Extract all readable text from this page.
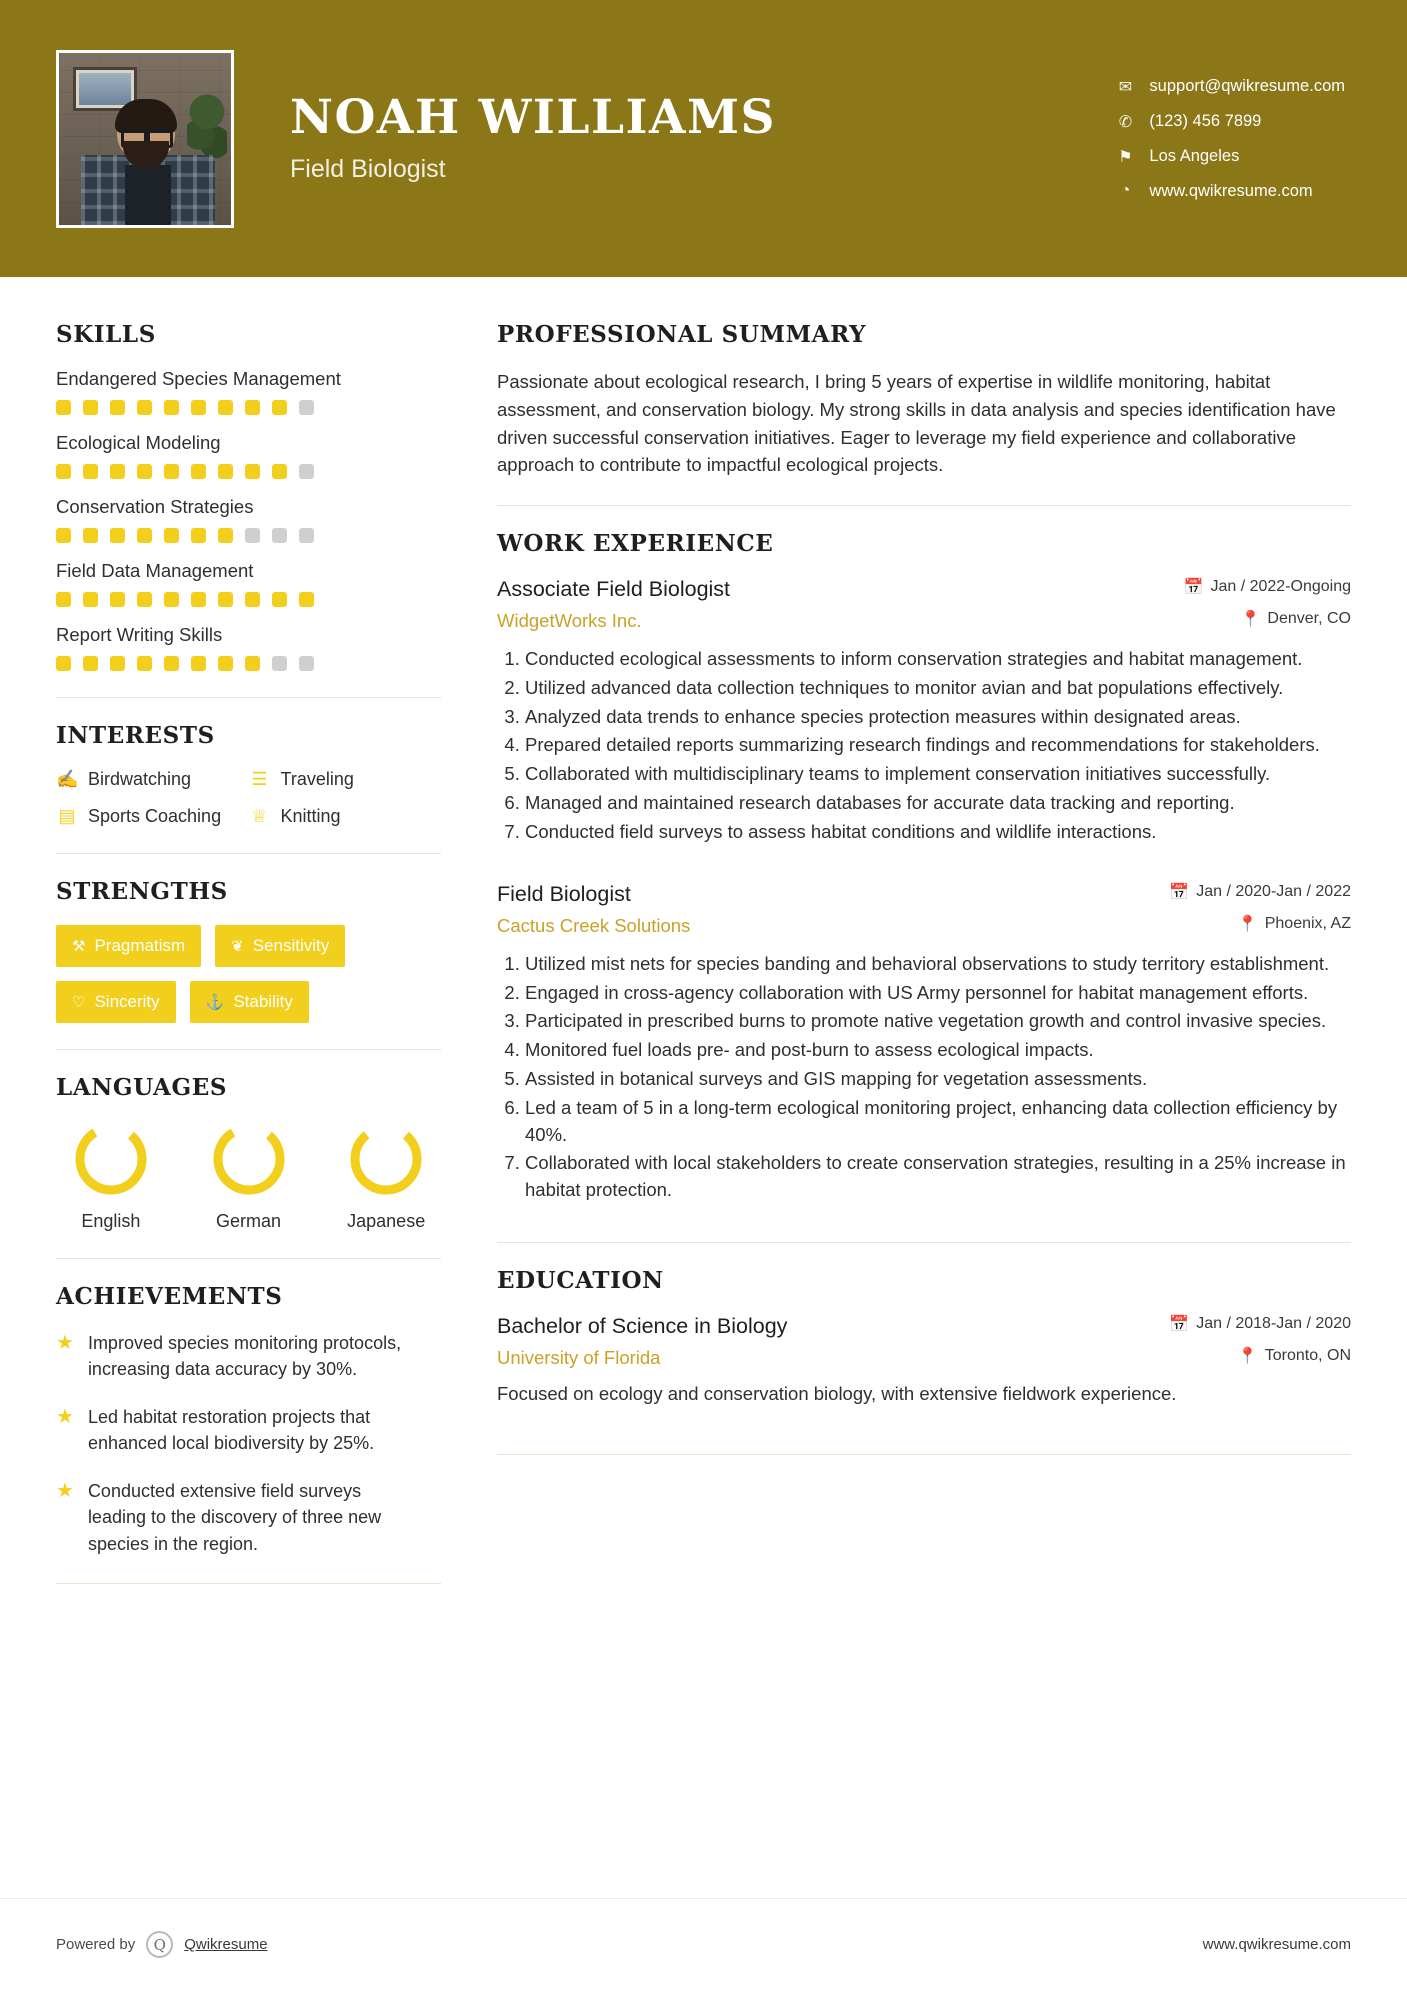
NOAH WILLIAMS
Field Biologist
✉ support@qwikresume.com
✆ (123) 456 7899
⚑ Los Angeles
◔	www.qwikresume.com
SKILLS
Endangered Species Management
Ecological Modeling
Conservation Strategies
Field Data Management
Report Writing Skills
INTERESTS
✍ Birdwatching	☰ Traveling
▤ Sports Coaching ♕ Knitting
STRENGTHS
⚒ Pragmatism	❦ Sensitivity
♡ Sincerity	⚓ Stability
LANGUAGES
English	German	Japanese
ACHIEVEMENTS
★ Improved species monitoring protocols, increasing data accuracy by 30%.
★ Led habitat restoration projects that enhanced local biodiversity by 25%.
★ Conducted extensive field surveys leading to the discovery of three new species in the region.
PROFESSIONAL SUMMARY

Passionate about ecological research, I bring 5 years of expertise in wildlife monitoring, habitat assessment, and conservation biology. My strong skills in data analysis and species identification have driven successful conservation initiatives. Eager to leverage my field experience and collaborative approach to contribute to impactful ecological projects.

WORK EXPERIENCE
Associate Field Biologist
WidgetWorks Inc.
📅 Jan / 2022-Ongoing
📍 Denver, CO
1. Conducted ecological assessments to inform conservation strategies and habitat management.
2. Utilized advanced data collection techniques to monitor avian and bat populations effectively.
3. Analyzed data trends to enhance species protection measures within designated areas.
4. Prepared detailed reports summarizing research findings and recommendations for stakeholders.
5. Collaborated with multidisciplinary teams to implement conservation initiatives successfully.
6. Managed and maintained research databases for accurate data tracking and reporting.
7. Conducted field surveys to assess habitat conditions and wildlife interactions.
Field Biologist
Cactus Creek Solutions
📅 Jan / 2020-Jan / 2022
📍 Phoenix, AZ
1. Utilized mist nets for species banding and behavioral observations to study territory establishment.
2. Engaged in cross-agency collaboration with US Army personnel for habitat management efforts.
3. Participated in prescribed burns to promote native vegetation growth and control invasive species.
4. Monitored fuel loads pre- and post-burn to assess ecological impacts.
5. Assisted in botanical surveys and GIS mapping for vegetation assessments.
6. Led a team of 5 in a long-term ecological monitoring project, enhancing data collection efficiency by 40%.
7. Collaborated with local stakeholders to create conservation strategies, resulting in a 25% increase in habitat protection.
EDUCATION
Bachelor of Science in Biology
University of Florida
📅 Jan / 2018-Jan / 2020
📍 Toronto, ON
Focused on ecology and conservation biology, with extensive fieldwork experience.
Powered by	Q	Qwikresume	www.qwikresume.com
